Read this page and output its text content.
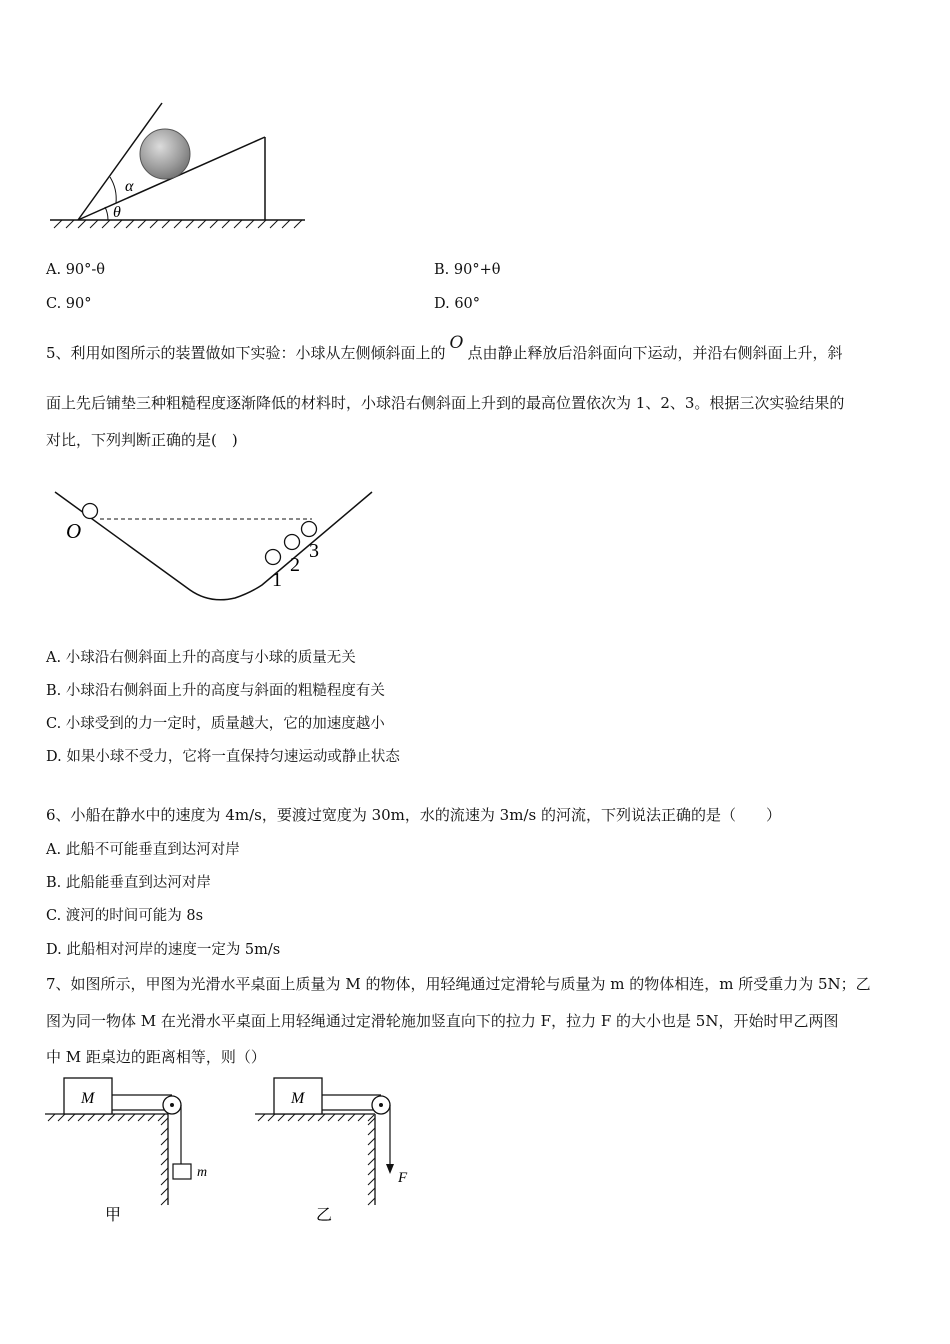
α
θ
A. 90°-θ	B. 90°+θ
C. 90°	D. 60°
5、利用如图所示的装置做如下实验：小球从左侧倾斜面上的 O 点由静止释放后沿斜面向下运动，并沿右侧斜面上升，斜
面上先后铺垫三种粗糙程度逐渐降低的材料时，小球沿右侧斜面上升到的最高位置依次为 1、2、3。根据三次实验结果的
对比，下列判断正确的是(　)
O
1
2
3
A. 小球沿右侧斜面上升的高度与小球的质量无关
B. 小球沿右侧斜面上升的高度与斜面的粗糙程度有关
C. 小球受到的力一定时，质量越大，它的加速度越小
D. 如果小球不受力，它将一直保持匀速运动或静止状态
6、小船在静水中的速度为 4m/s，要渡过宽度为 30m，水的流速为 3m/s 的河流，下列说法正确的是（　　）
A. 此船不可能垂直到达河对岸
B. 此船能垂直到达河对岸
C. 渡河的时间可能为 8s
D. 此船相对河岸的速度一定为 5m/s
7、如图所示，甲图为光滑水平桌面上质量为 M 的物体，用轻绳通过定滑轮与质量为 m 的物体相连，m 所受重力为 5N；乙
图为同一物体 M 在光滑水平桌面上用轻绳通过定滑轮施加竖直向下的拉力 F，拉力 F 的大小也是 5N，开始时甲乙两图
中 M 距桌边的距离相等，则（）
M
m
甲
M
F
乙
